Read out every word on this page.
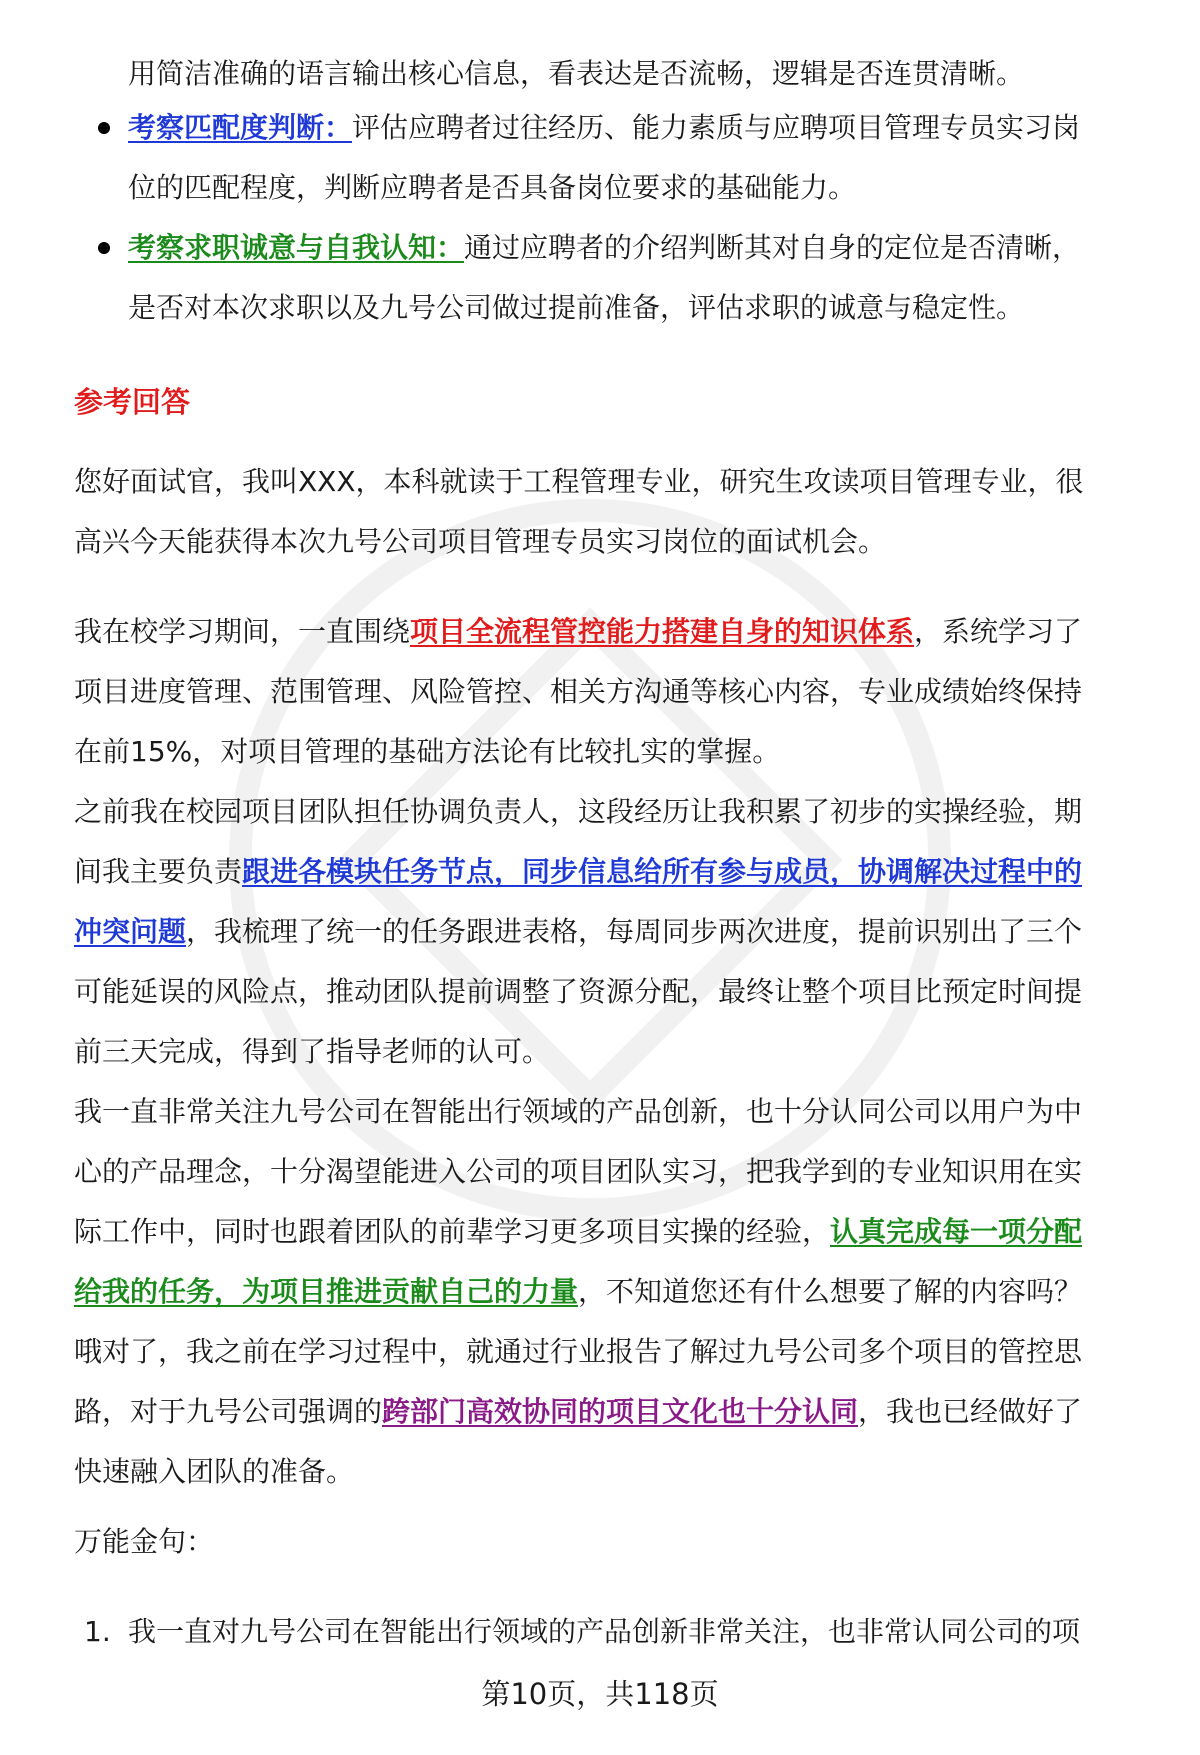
用简洁准确的语言输出核心信息，看表达是否流畅，逻辑是否连贯清晰。
考察匹配度判断：评估应聘者过往经历、能力素质与应聘项目管理专员实习岗
位的匹配程度，判断应聘者是否具备岗位要求的基础能力。
考察求职诚意与自我认知：通过应聘者的介绍判断其对自身的定位是否清晰，
是否对本次求职以及九号公司做过提前准备，评估求职的诚意与稳定性。
参考回答
您好面试官，我叫XXX，本科就读于工程管理专业，研究生攻读项目管理专业，很
高兴今天能获得本次九号公司项目管理专员实习岗位的面试机会。
我在校学习期间，一直围绕项目全流程管控能力搭建自身的知识体系，系统学习了
项目进度管理、范围管理、风险管控、相关方沟通等核心内容，专业成绩始终保持
在前15%，对项目管理的基础方法论有比较扎实的掌握。
之前我在校园项目团队担任协调负责人，这段经历让我积累了初步的实操经验，期
间我主要负责跟进各模块任务节点，同步信息给所有参与成员，协调解决过程中的
冲突问题，我梳理了统一的任务跟进表格，每周同步两次进度，提前识别出了三个
可能延误的风险点，推动团队提前调整了资源分配，最终让整个项目比预定时间提
前三天完成，得到了指导老师的认可。
我一直非常关注九号公司在智能出行领域的产品创新，也十分认同公司以用户为中
心的产品理念，十分渴望能进入公司的项目团队实习，把我学到的专业知识用在实
际工作中，同时也跟着团队的前辈学习更多项目实操的经验，认真完成每一项分配
给我的任务，为项目推进贡献自己的力量，不知道您还有什么想要了解的内容吗？
哦对了，我之前在学习过程中，就通过行业报告了解过九号公司多个项目的管控思
路，对于九号公司强调的跨部门高效协同的项目文化也十分认同，我也已经做好了
快速融入团队的准备。
万能金句：
1. 我一直对九号公司在智能出行领域的产品创新非常关注，也非常认同公司的项
第10页，共118页
